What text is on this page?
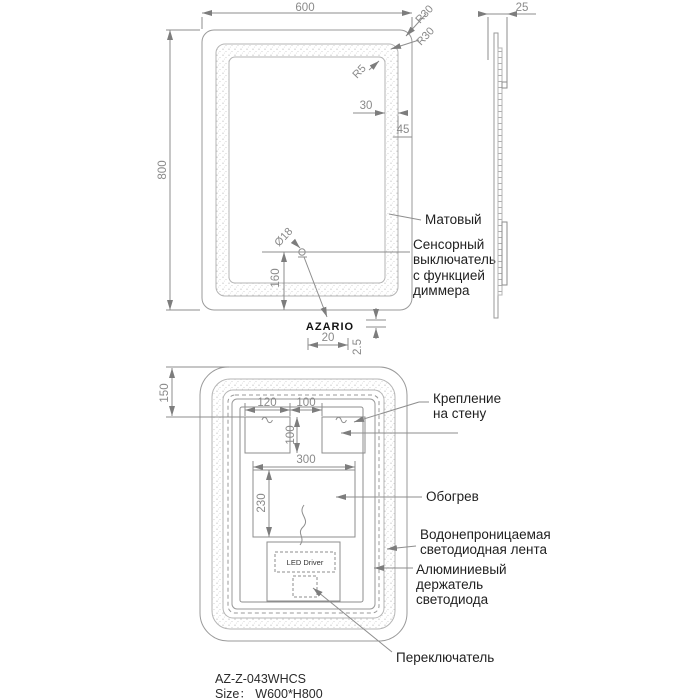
600
800
R30
R30
R5
30
45
Ø18
160
AZARIO
20
2.5
Матовый
Сенсорный
выключатель
с функцией
диммера
25
120 100
100
150
300
230
LED Driver
Крепление
на стену
Обогрев
Водонепроницаемая
светодиодная лента
Алюминиевый
держатель
светодиода
Переключатель
AZ-Z-043WHCS
Size： W600*H800
